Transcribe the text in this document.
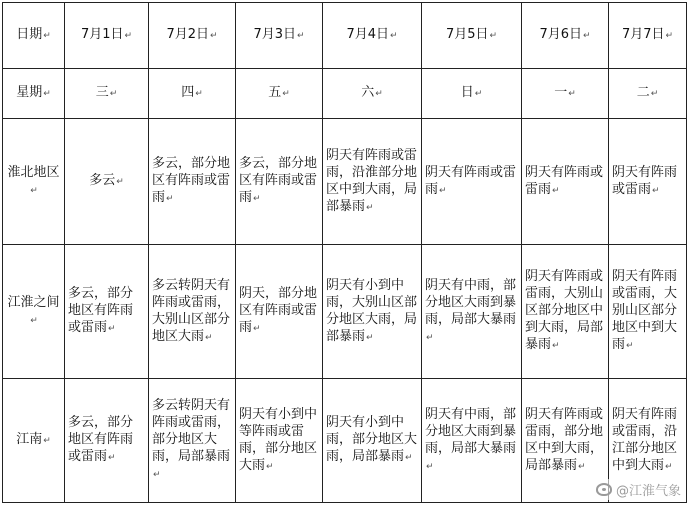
日期↵	7月1日↵	7月2日↵	7月3日↵	7月4日↵	7月5日↵	7月6日↵	7月7日↵
星期↵	三↵	四↵	五↵	六↵	日↵	一↵	二↵
淮北地区↵	多云↵	多云，部分地区有阵雨或雷雨↵	多云，部分地区有阵雨或雷雨↵	阴天有阵雨或雷雨，沿淮部分地区中到大雨，局部暴雨↵	阴天有阵雨或雷雨↵	阴天有阵雨或雷雨↵	阴天有阵雨或雷雨↵
江淮之间↵	多云，部分地区有阵雨或雷雨↵	多云转阴天有阵雨或雷雨，大别山区部分地区大雨↵	阴天，部分地区有阵雨或雷雨↵	阴天有小到中雨，大别山区部分地区大雨，局部暴雨↵	阴天有中雨，部分地区大雨到暴雨，局部大暴雨↵	阴天有阵雨或雷雨，大别山区部分地区中到大雨，局部暴雨↵	阴天有阵雨或雷雨，大别山区部分地区中到大雨↵
江南↵	多云，部分地区有阵雨或雷雨↵	多云转阴天有阵雨或雷雨，部分地区大雨，局部暴雨↵	阴天有小到中等阵雨或雷雨，部分地区大雨↵	阴天有小到中雨，部分地区大雨，局部暴雨↵	阴天有中雨，部分地区大雨到暴雨，局部大暴雨↵	阴天有阵雨或雷雨，部分地区中到大雨，局部暴雨↵	阴天有阵雨或雷雨，沿江部分地区中到大雨↵
@江淮气象
